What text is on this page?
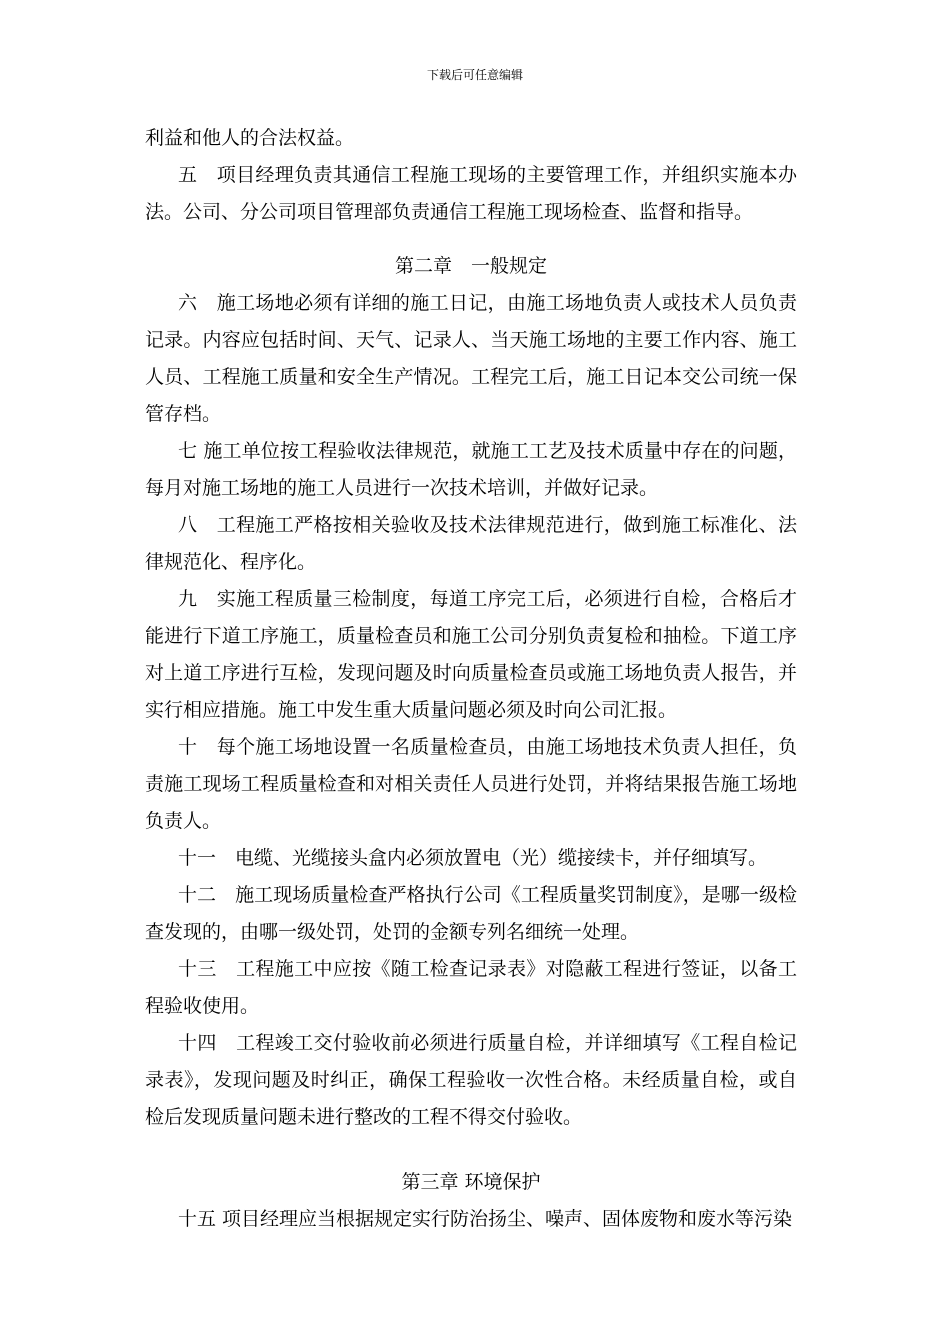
下载后可任意编辑

利益和他人的合法权益。

五　项目经理负责其通信工程施工现场的主要管理工作，并组织实施本办法。公司、分公司项目管理部负责通信工程施工现场检查、监督和指导。

第二章　一般规定

六　施工场地必须有详细的施工日记，由施工场地负责人或技术人员负责记录。内容应包括时间、天气、记录人、当天施工场地的主要工作内容、施工人员、工程施工质量和安全生产情况。工程完工后，施工日记本交公司统一保管存档。

七 施工单位按工程验收法律规范，就施工工艺及技术质量中存在的问题，每月对施工场地的施工人员进行一次技术培训，并做好记录。

八　工程施工严格按相关验收及技术法律规范进行，做到施工标准化、法律规范化、程序化。

九　实施工程质量三检制度，每道工序完工后，必须进行自检，合格后才能进行下道工序施工，质量检查员和施工公司分别负责复检和抽检。下道工序对上道工序进行互检，发现问题及时向质量检查员或施工场地负责人报告，并实行相应措施。施工中发生重大质量问题必须及时向公司汇报。

十　每个施工场地设置一名质量检查员，由施工场地技术负责人担任，负责施工现场工程质量检查和对相关责任人员进行处罚，并将结果报告施工场地负责人。

十一　电缆、光缆接头盒内必须放置电（光）缆接续卡，并仔细填写。

十二　施工现场质量检查严格执行公司《工程质量奖罚制度》，是哪一级检查发现的，由哪一级处罚，处罚的金额专列名细统一处理。

十三　工程施工中应按《随工检查记录表》对隐蔽工程进行签证，以备工程验收使用。

十四　工程竣工交付验收前必须进行质量自检，并详细填写《工程自检记录表》，发现问题及时纠正，确保工程验收一次性合格。未经质量自检，或自检后发现质量问题未进行整改的工程不得交付验收。

第三章 环境保护

十五 项目经理应当根据规定实行防治扬尘、噪声、固体废物和废水等污染
